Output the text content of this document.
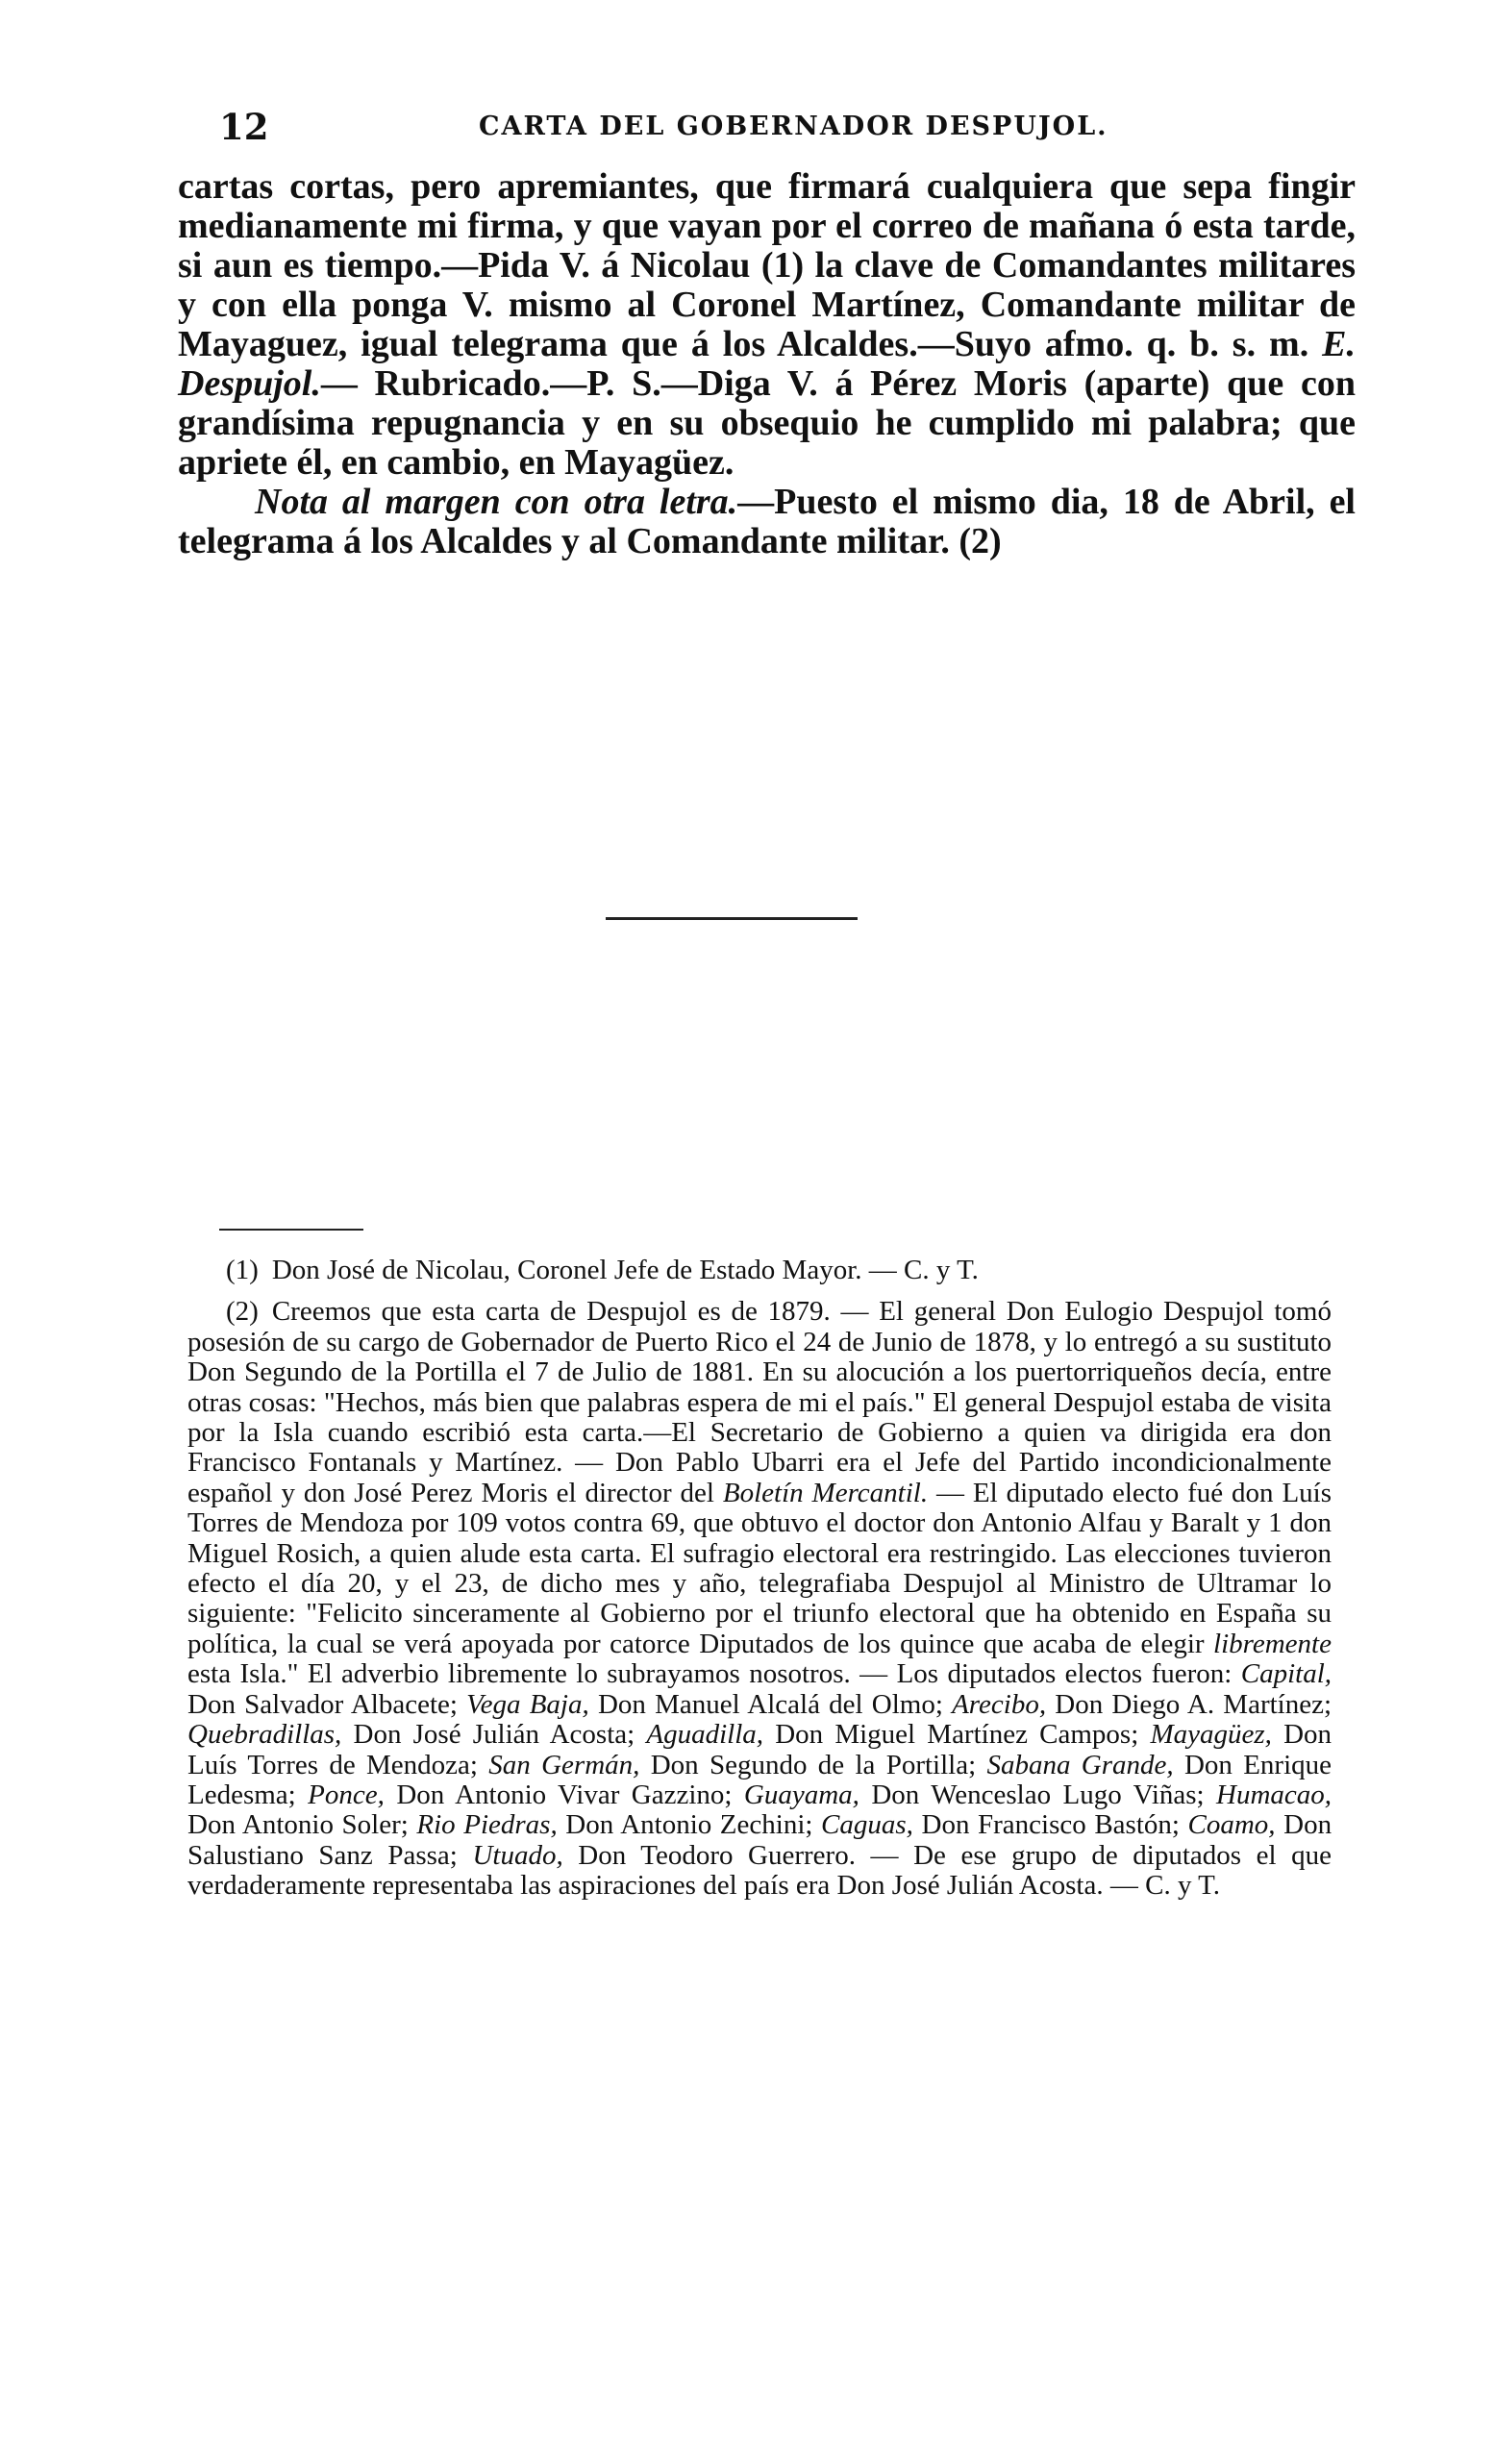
12	CARTA DEL GOBERNADOR DESPUJOL.

cartas cortas, pero apremiantes, que firmará cualquiera que sepa fingir medianamente mi firma, y que vayan por el correo de mañana ó esta tarde, si aun es tiempo.—Pida V. á Nicolau (1) la clave de Comandantes militares y con ella ponga V. mismo al Coronel Martínez, Comandante militar de Mayaguez, igual telegrama que á los Alcaldes.—Suyo afmo. q. b. s. m. E. Despujol.— Rubricado.—P. S.—Diga V. á Pérez Moris (aparte) que con grandísima repugnancia y en su obsequio he cumplido mi palabra; que apriete él, en cambio, en Mayagüez.

Nota al margen con otra letra.—Puesto el mismo dia, 18 de Abril, el telegrama á los Alcaldes y al Comandante militar. (2)

(1) Don José de Nicolau, Coronel Jefe de Estado Mayor. — C. y T.

(2) Creemos que esta carta de Despujol es de 1879. — El general Don Eulogio Despujol tomó posesión de su cargo de Gobernador de Puerto Rico el 24 de Junio de 1878, y lo entregó a su sustituto Don Segundo de la Portilla el 7 de Julio de 1881. En su alocución a los puertorriqueños decía, entre otras cosas: "Hechos, más bien que palabras espera de mi el país." El general Despujol estaba de visita por la Isla cuando escribió esta carta.—El Secretario de Gobierno a quien va dirigida era don Francisco Fontanals y Martínez. — Don Pablo Ubarri era el Jefe del Partido incondicionalmente español y don José Perez Moris el director del Boletín Mercantil. — El diputado electo fué don Luís Torres de Mendoza por 109 votos contra 69, que obtuvo el doctor don Antonio Alfau y Baralt y 1 don Miguel Rosich, a quien alude esta carta. El sufragio electoral era restringido. Las elecciones tuvieron efecto el día 20, y el 23, de dicho mes y año, telegrafiaba Despujol al Ministro de Ultramar lo siguiente: "Felicito sinceramente al Gobierno por el triunfo electoral que ha obtenido en España su política, la cual se verá apoyada por catorce Diputados de los quince que acaba de elegir libremente esta Isla." El adverbio libremente lo subrayamos nosotros. — Los diputados electos fueron: Capital, Don Salvador Albacete; Vega Baja, Don Manuel Alcalá del Olmo; Arecibo, Don Diego A. Martínez; Quebradillas, Don José Julián Acosta; Aguadilla, Don Miguel Martínez Campos; Mayagüez, Don Luís Torres de Mendoza; San Germán, Don Segundo de la Portilla; Sabana Grande, Don Enrique Ledesma; Ponce, Don Antonio Vivar Gazzino; Guayama, Don Wenceslao Lugo Viñas; Humacao, Don Antonio Soler; Rio Piedras, Don Antonio Zechini; Caguas, Don Francisco Bastón; Coamo, Don Salustiano Sanz Passa; Utuado, Don Teodoro Guerrero. — De ese grupo de diputados el que verdaderamente representaba las aspiraciones del país era Don José Julián Acosta. — C. y T.
